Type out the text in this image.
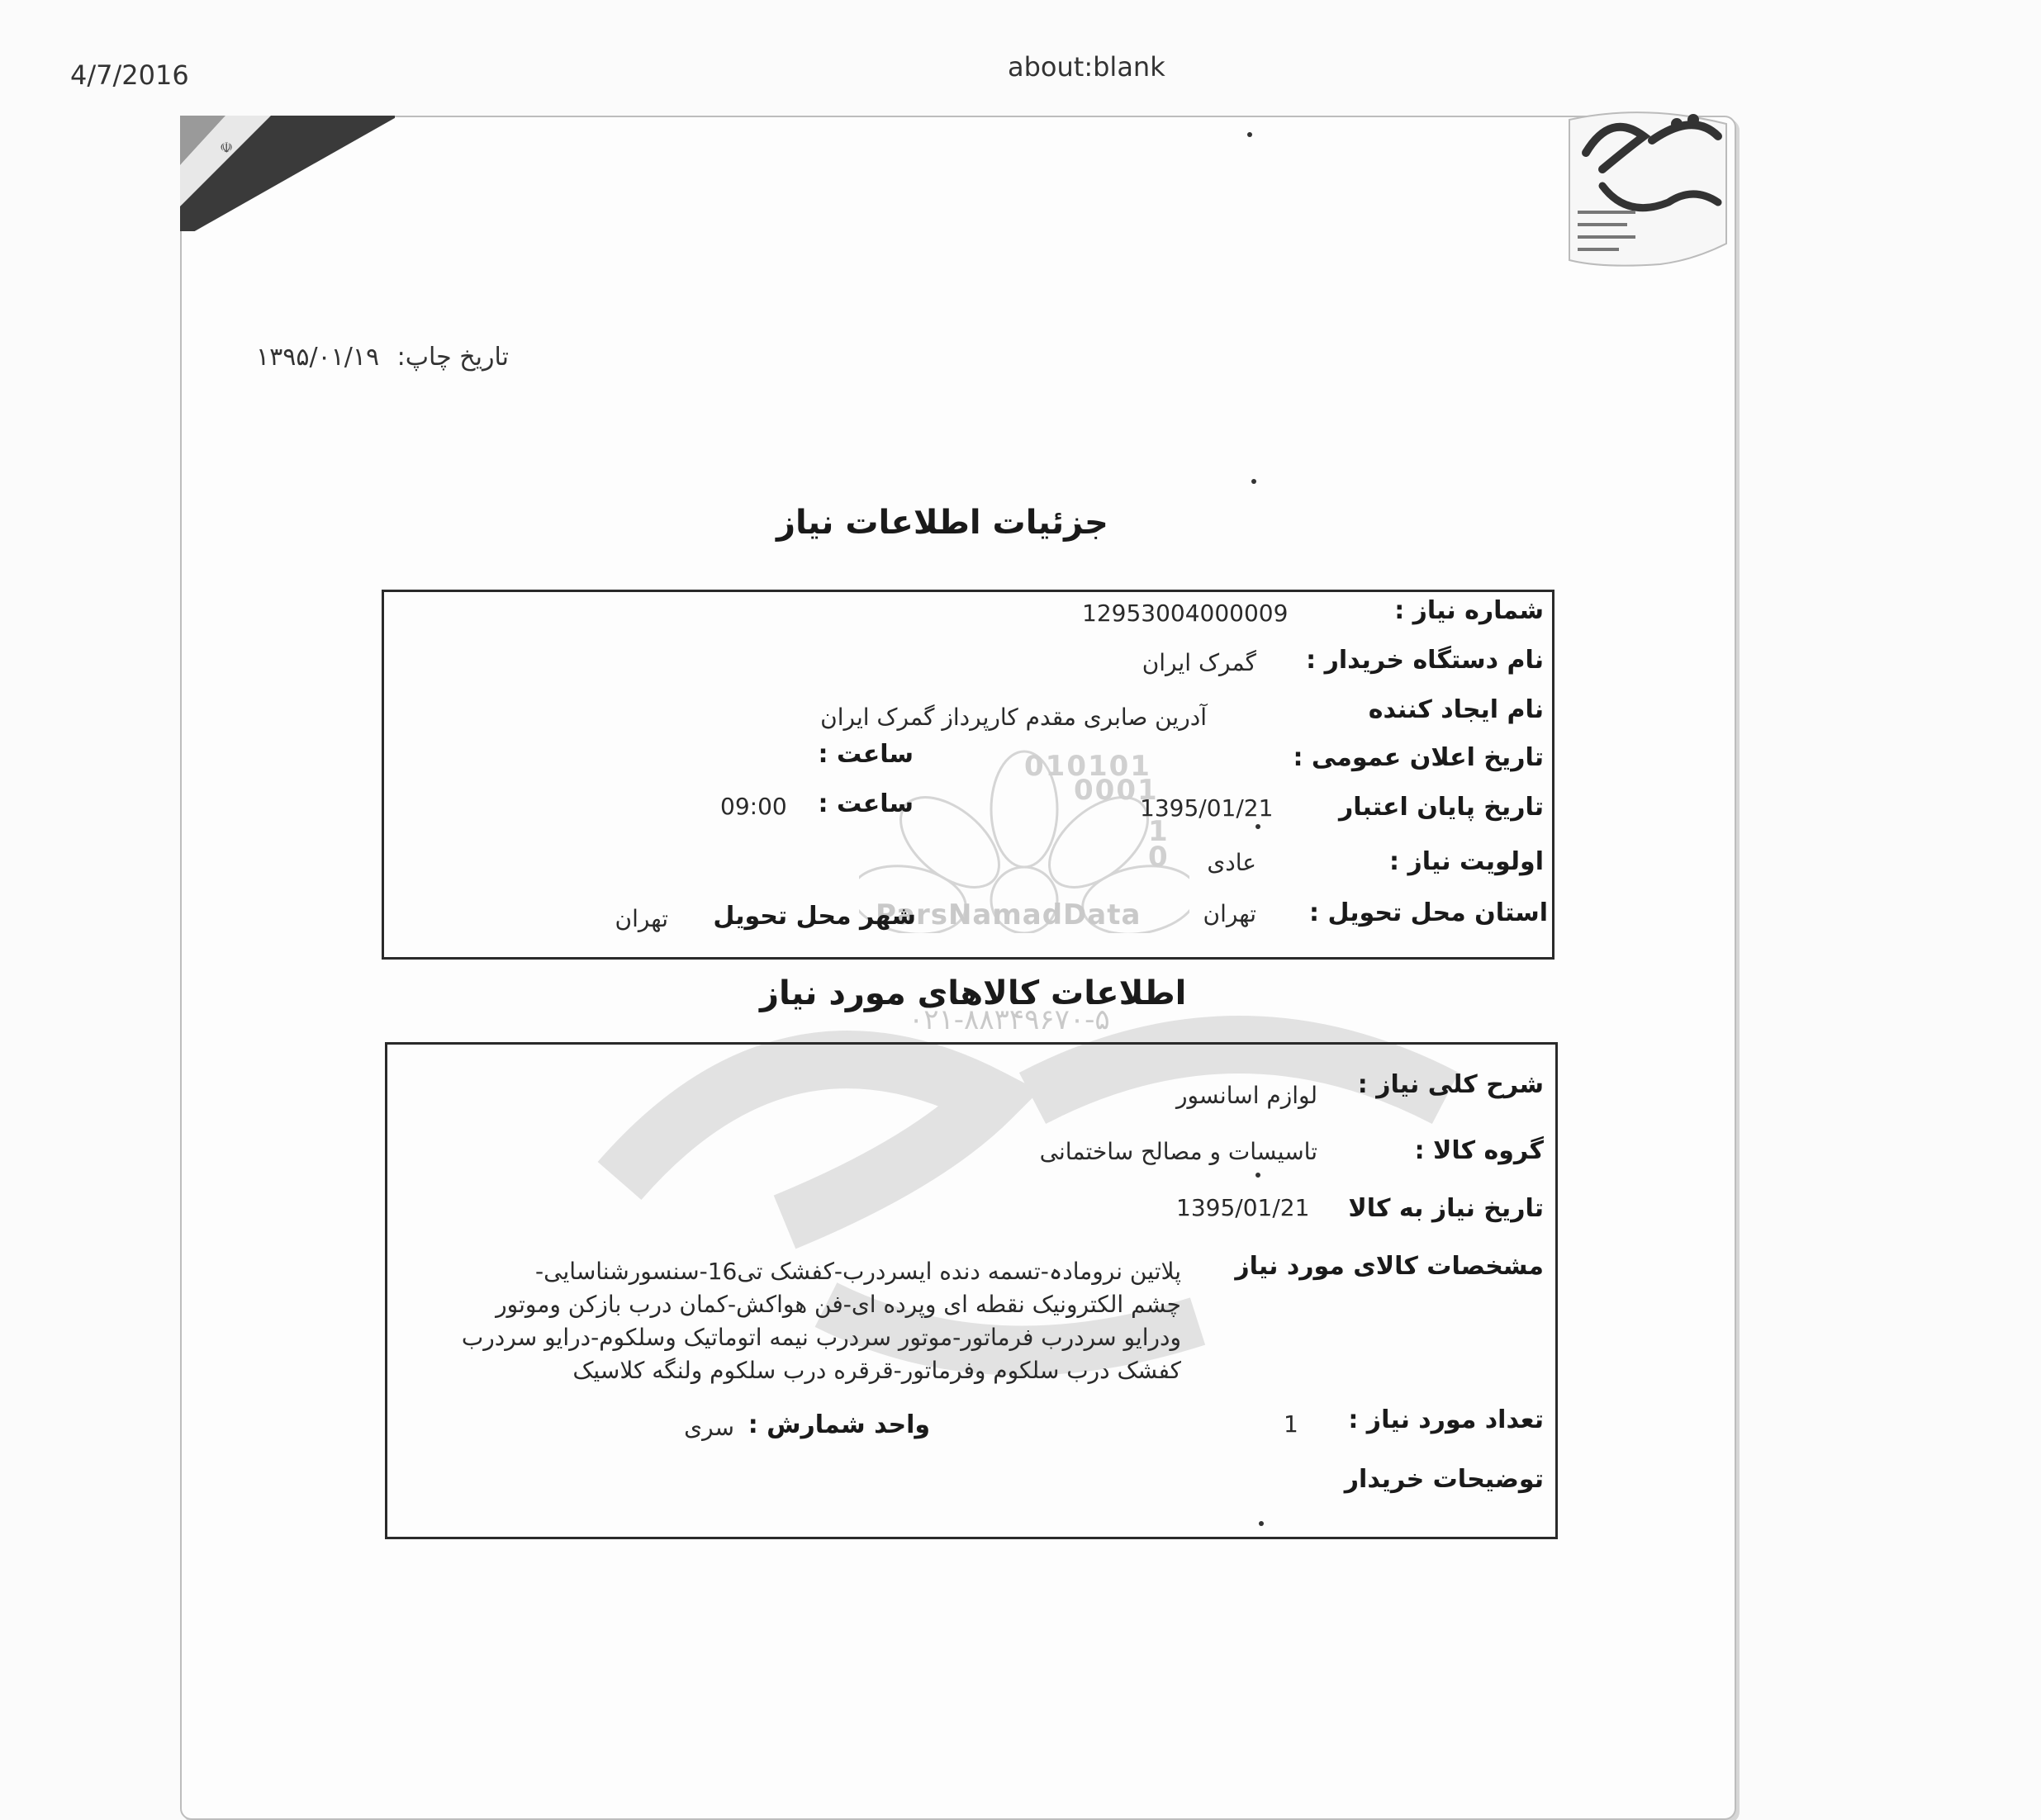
4/7/2016	about:blank
☫
تاریخ چاپ: ۱۳۹۵/۰۱/۱۹
جزئیات اطلاعات نیاز
010101
0001
1
0
ParsNamadData
۰۲۱-۸۸۳۴۹۶۷۰-۵
شماره نیاز :
12953004000009
نام دستگاه خریدار :
گمرک ایران
نام ایجاد کننده
آدرین صابری مقدم کارپرداز گمرک ایران
تاریخ اعلان عمومی :
ساعت :
تاریخ پایان اعتبار
1395/01/21
ساعت :
09:00
اولویت نیاز :
عادی
استان محل تحویل :
تهران
شهر محل تحویل
تهران
اطلاعات کالاهای مورد نیاز
شرح کلی نیاز :
لوازم اسانسور
گروه کالا :
تاسیسات و مصالح ساختمانی
تاریخ نیاز به کالا
1395/01/21
مشخصات کالای مورد نیاز
پلاتین نرومادہ-تسمه دنده ایسردرب-کفشک تی16-سنسورشناسایی-
چشم الکترونیک نقطه ای وپرده ای-فن هواکش-کمان درب بازکن وموتور
ودرایو سردرب فرماتور-موتور سردرب نیمه اتوماتیک وسلکوم-درایو سردرب
کفشک درب سلکوم وفرماتور-قرقره درب سلکوم ولنگه کلاسیک
تعداد مورد نیاز :
1
واحد شمارش :
سری
توضیحات خریدار
